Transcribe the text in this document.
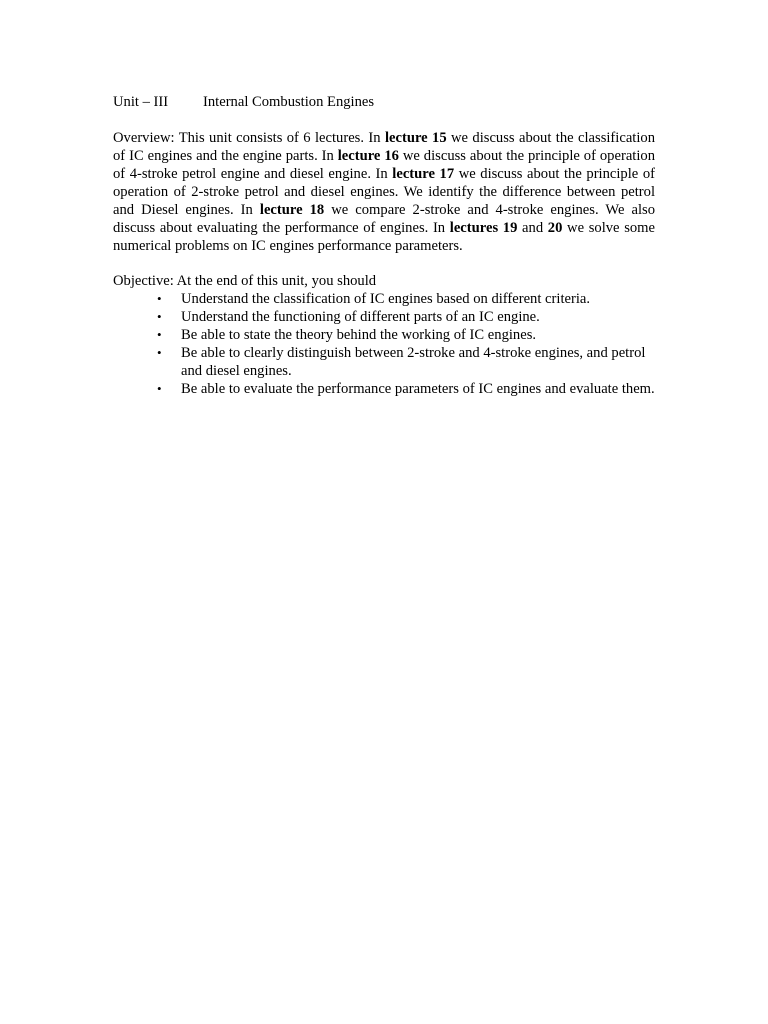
Unit – III Internal Combustion Engines

Overview: This unit consists of 6 lectures. In lecture 15 we discuss about the classification of IC engines and the engine parts. In lecture 16 we discuss about the principle of operation of 4-stroke petrol engine and diesel engine. In lecture 17 we discuss about the principle of operation of 2-stroke petrol and diesel engines. We identify the difference between petrol and Diesel engines. In lecture 18 we compare 2-stroke and 4-stroke engines. We also discuss about evaluating the performance of engines. In lectures 19 and 20 we solve some numerical problems on IC engines performance parameters.

Objective: At the end of this unit, you should

• Understand the classification of IC engines based on different criteria.
• Understand the functioning of different parts of an IC engine.
• Be able to state the theory behind the working of IC engines.
• Be able to clearly distinguish between 2-stroke and 4-stroke engines, and petrol and diesel engines.
• Be able to evaluate the performance parameters of IC engines and evaluate them.
